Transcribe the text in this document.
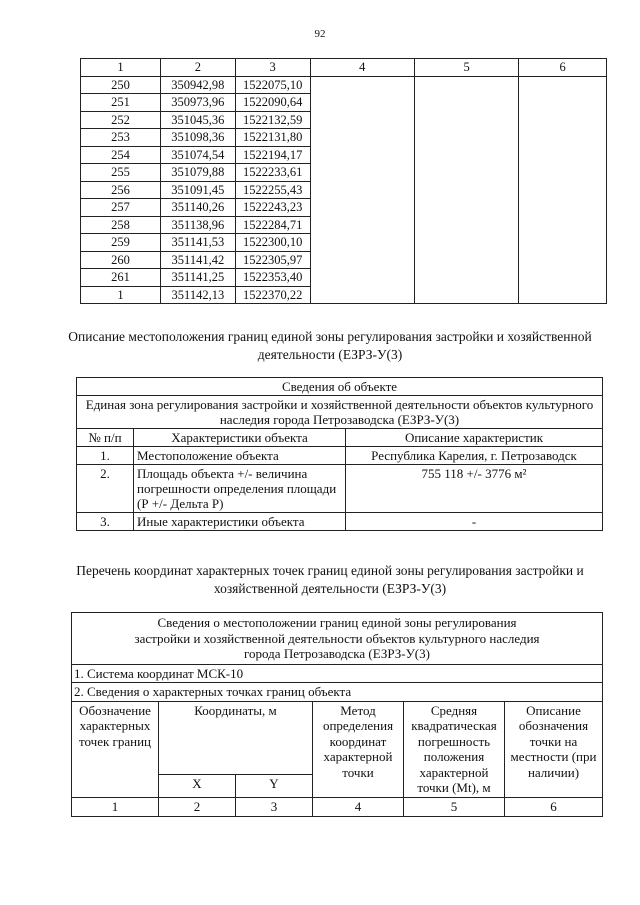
92
1	2	3	4	5	6
250	350942,98	1522075,10			
251	350973,96	1522090,64			
252	351045,36	1522132,59			
253	351098,36	1522131,80			
254	351074,54	1522194,17			
255	351079,88	1522233,61			
256	351091,45	1522255,43			
257	351140,26	1522243,23			
258	351138,96	1522284,71			
259	351141,53	1522300,10			
260	351141,42	1522305,97			
261	351141,25	1522353,40			
1	351142,13	1522370,22			
Описание местоположения границ единой зоны регулирования застройки и хозяйственной деятельности (ЕЗРЗ-У(3)
Сведения об объекте		
Единая зона регулирования застройки и хозяйственной деятельности объектов культурного наследия города Петрозаводска (ЕЗРЗ-У(3)		
№ п/п	Характеристики объекта	Описание характеристик
1.	Местоположение объекта	Республика Карелия, г. Петрозаводск
2.	Площадь объекта +/- величина погрешности определения площади (Р +/- Дельта Р)	755 118 +/- 3776 м²
3.	Иные характеристики объекта	-
Перечень координат характерных точек границ единой зоны регулирования застройки и хозяйственной деятельности (ЕЗРЗ-У(3)
Сведения о местоположении границ единой зоны регулирования застройки и хозяйственной деятельности объектов культурного наследия города Петрозаводска (ЕЗРЗ-У(3)					
1. Система координат МСК-10					
2. Сведения о характерных точках границ объекта					
Обозначение характерных точек границ	Координаты, м		Метод определения координат характерной точки	Средняя квадратическая погрешность положения характерной точки (Mt), м	Описание обозначения точки на местности (при наличии)
	X	Y			
1	2	3	4	5	6
